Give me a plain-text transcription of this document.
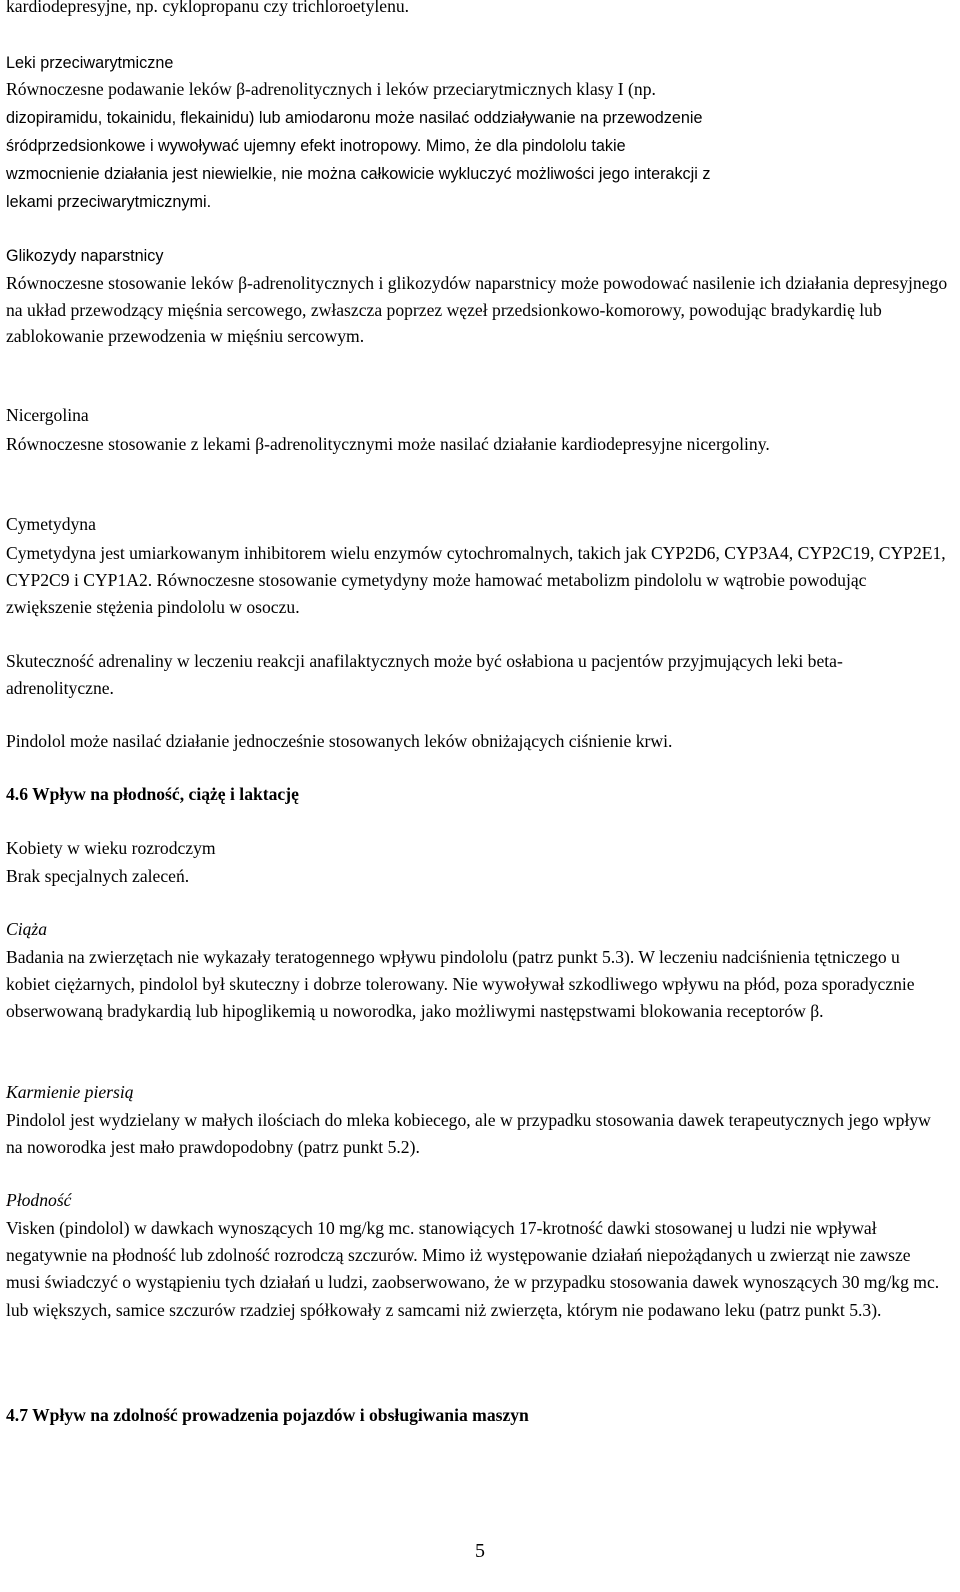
kardiodepresyjne, np. cyklopropanu czy trichloroetylenu.

Leki przeciwarytmiczne

Równoczesne podawanie leków β-adrenolitycznych i leków przeciarytmicznych klasy I (np.

dizopiramidu, tokainidu, flekainidu) lub amiodaronu może nasilać oddziaływanie na przewodzenie

śródprzedsionkowe i wywoływać ujemny efekt inotropowy. Mimo, że dla pindololu takie

wzmocnienie działania jest niewielkie, nie można całkowicie wykluczyć możliwości jego interakcji z

lekami przeciwarytmicznymi.

Glikozydy naparstnicy

Równoczesne stosowanie leków β-adrenolitycznych i glikozydów naparstnicy może powodować nasilenie ich działania depresyjnego na układ przewodzący mięśnia sercowego, zwłaszcza poprzez węzeł przedsionkowo-komorowy, powodując bradykardię lub zablokowanie przewodzenia w mięśniu sercowym.

Nicergolina

Równoczesne stosowanie z lekami β-adrenolitycznymi może nasilać działanie kardiodepresyjne nicergoliny.

Cymetydyna

Cymetydyna jest umiarkowanym inhibitorem wielu enzymów cytochromalnych, takich jak CYP2D6, CYP3A4, CYP2C19, CYP2E1, CYP2C9 i CYP1A2. Równoczesne stosowanie cymetydyny może hamować metabolizm pindololu w wątrobie powodując zwiększenie stężenia pindololu w osoczu.

Skuteczność adrenaliny w leczeniu reakcji anafilaktycznych może być osłabiona u pacjentów przyjmujących leki beta-adrenolityczne.

Pindolol może nasilać działanie jednocześnie stosowanych leków obniżających ciśnienie krwi.

4.6 Wpływ na płodność, ciążę i laktację

Kobiety w wieku rozrodczym

Brak specjalnych zaleceń.

Ciąża

Badania na zwierzętach nie wykazały teratogennego wpływu pindololu (patrz punkt 5.3). W leczeniu nadciśnienia tętniczego u kobiet ciężarnych, pindolol był skuteczny i dobrze tolerowany. Nie wywoływał szkodliwego wpływu na płód, poza sporadycznie obserwowaną bradykardią lub hipoglikemią u noworodka, jako możliwymi następstwami blokowania receptorów β.

Karmienie piersią

Pindolol jest wydzielany w małych ilościach do mleka kobiecego, ale w przypadku stosowania dawek terapeutycznych jego wpływ na noworodka jest mało prawdopodobny (patrz punkt 5.2).

Płodność

Visken (pindolol) w dawkach wynoszących 10 mg/kg mc. stanowiących 17-krotność dawki stosowanej u ludzi nie wpływał negatywnie na płodność lub zdolność rozrodczą szczurów. Mimo iż występowanie działań niepożądanych u zwierząt nie zawsze musi świadczyć o wystąpieniu tych działań u ludzi, zaobserwowano, że w przypadku stosowania dawek wynoszących 30 mg/kg mc. lub większych, samice szczurów rzadziej spółkowały z samcami niż zwierzęta, którym nie podawano leku (patrz punkt 5.3).

4.7 Wpływ na zdolność prowadzenia pojazdów i obsługiwania maszyn

5
